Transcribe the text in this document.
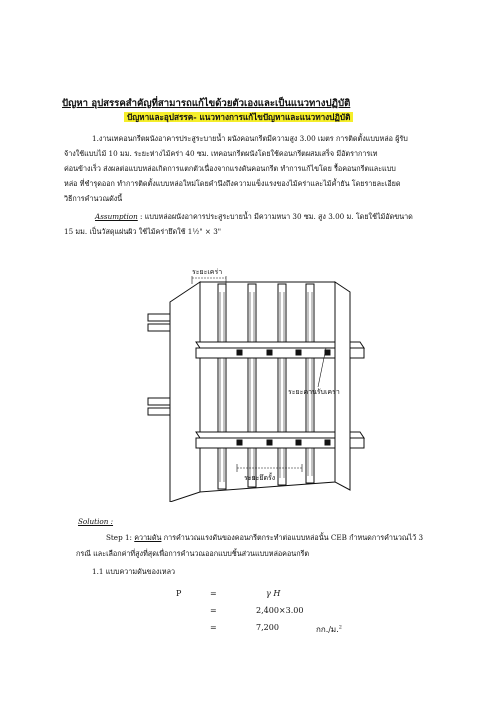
ปัญหา อุปสรรคสำคัญที่สามารถแก้ไขด้วยตัวเองและเป็นแนวทางปฏิบัติ
ปัญหาและอุปสรรค- แนวทางการแก้ไขปัญหาและแนวทางปฏิบัติ
1.งานเทคอนกรีตผนังอาคารประสูระบายน้ำ ผนังคอนกรีตมีความสูง 3.00 เมตร การติดตั้งแบบหล่อ ผู้รับ
จ้างใช้แบบไม้ 10 มม. ระยะห่างไม้คร่า 40 ซม. เทคอนกรีตผนังโดยใช้คอนกรีตผสมเสร็จ มีอัตราการเท
ค่อนข้างเร็ว ส่งผลต่อแบบหล่อเกิดการแตกตัวเนื่องจากแรงดันคอนกรีต ทำการแก้ไขโดย รื้อคอนกรีตและแบบ
หล่อ ที่ชำรุดออก ทำการติดตั้งแบบหล่อใหม่โดยคำนึงถึงความแข็งแรงของไม้คร่าและไม้ค้ำยัน โดยรายละเอียด
วิธีการคำนวณดังนี้
Assumption : แบบหล่อผนังอาคารประสูระบายน้ำ มีความหนา 30 ซม. สูง 3.00 ม. โดยใช้ไม้อัดขนาด
15 มม. เป็นวัสดุแผ่นผิว ใช้ไม้คร่ายึดใช้ 1½" × 3"
ระยะเคร่า
ระยะคานรับเคร่า
ระยะยึดรั้ง
Solution :
Step 1: ความดัน การคำนวณแรงดันของคอนกรีตกระทำต่อแบบหล่อนั้น CEB กำหนดการคำนวณไว้ 3
กรณี และเลือกค่าที่สูงที่สุดเพื่อการคำนวณออกแบบชิ้นส่วนแบบหล่อคอนกรีต
1.1 แบบความดันของเหลว
P	=	γ H
=	2,400×3.00
=	7,200	กก./ม.$^2$
